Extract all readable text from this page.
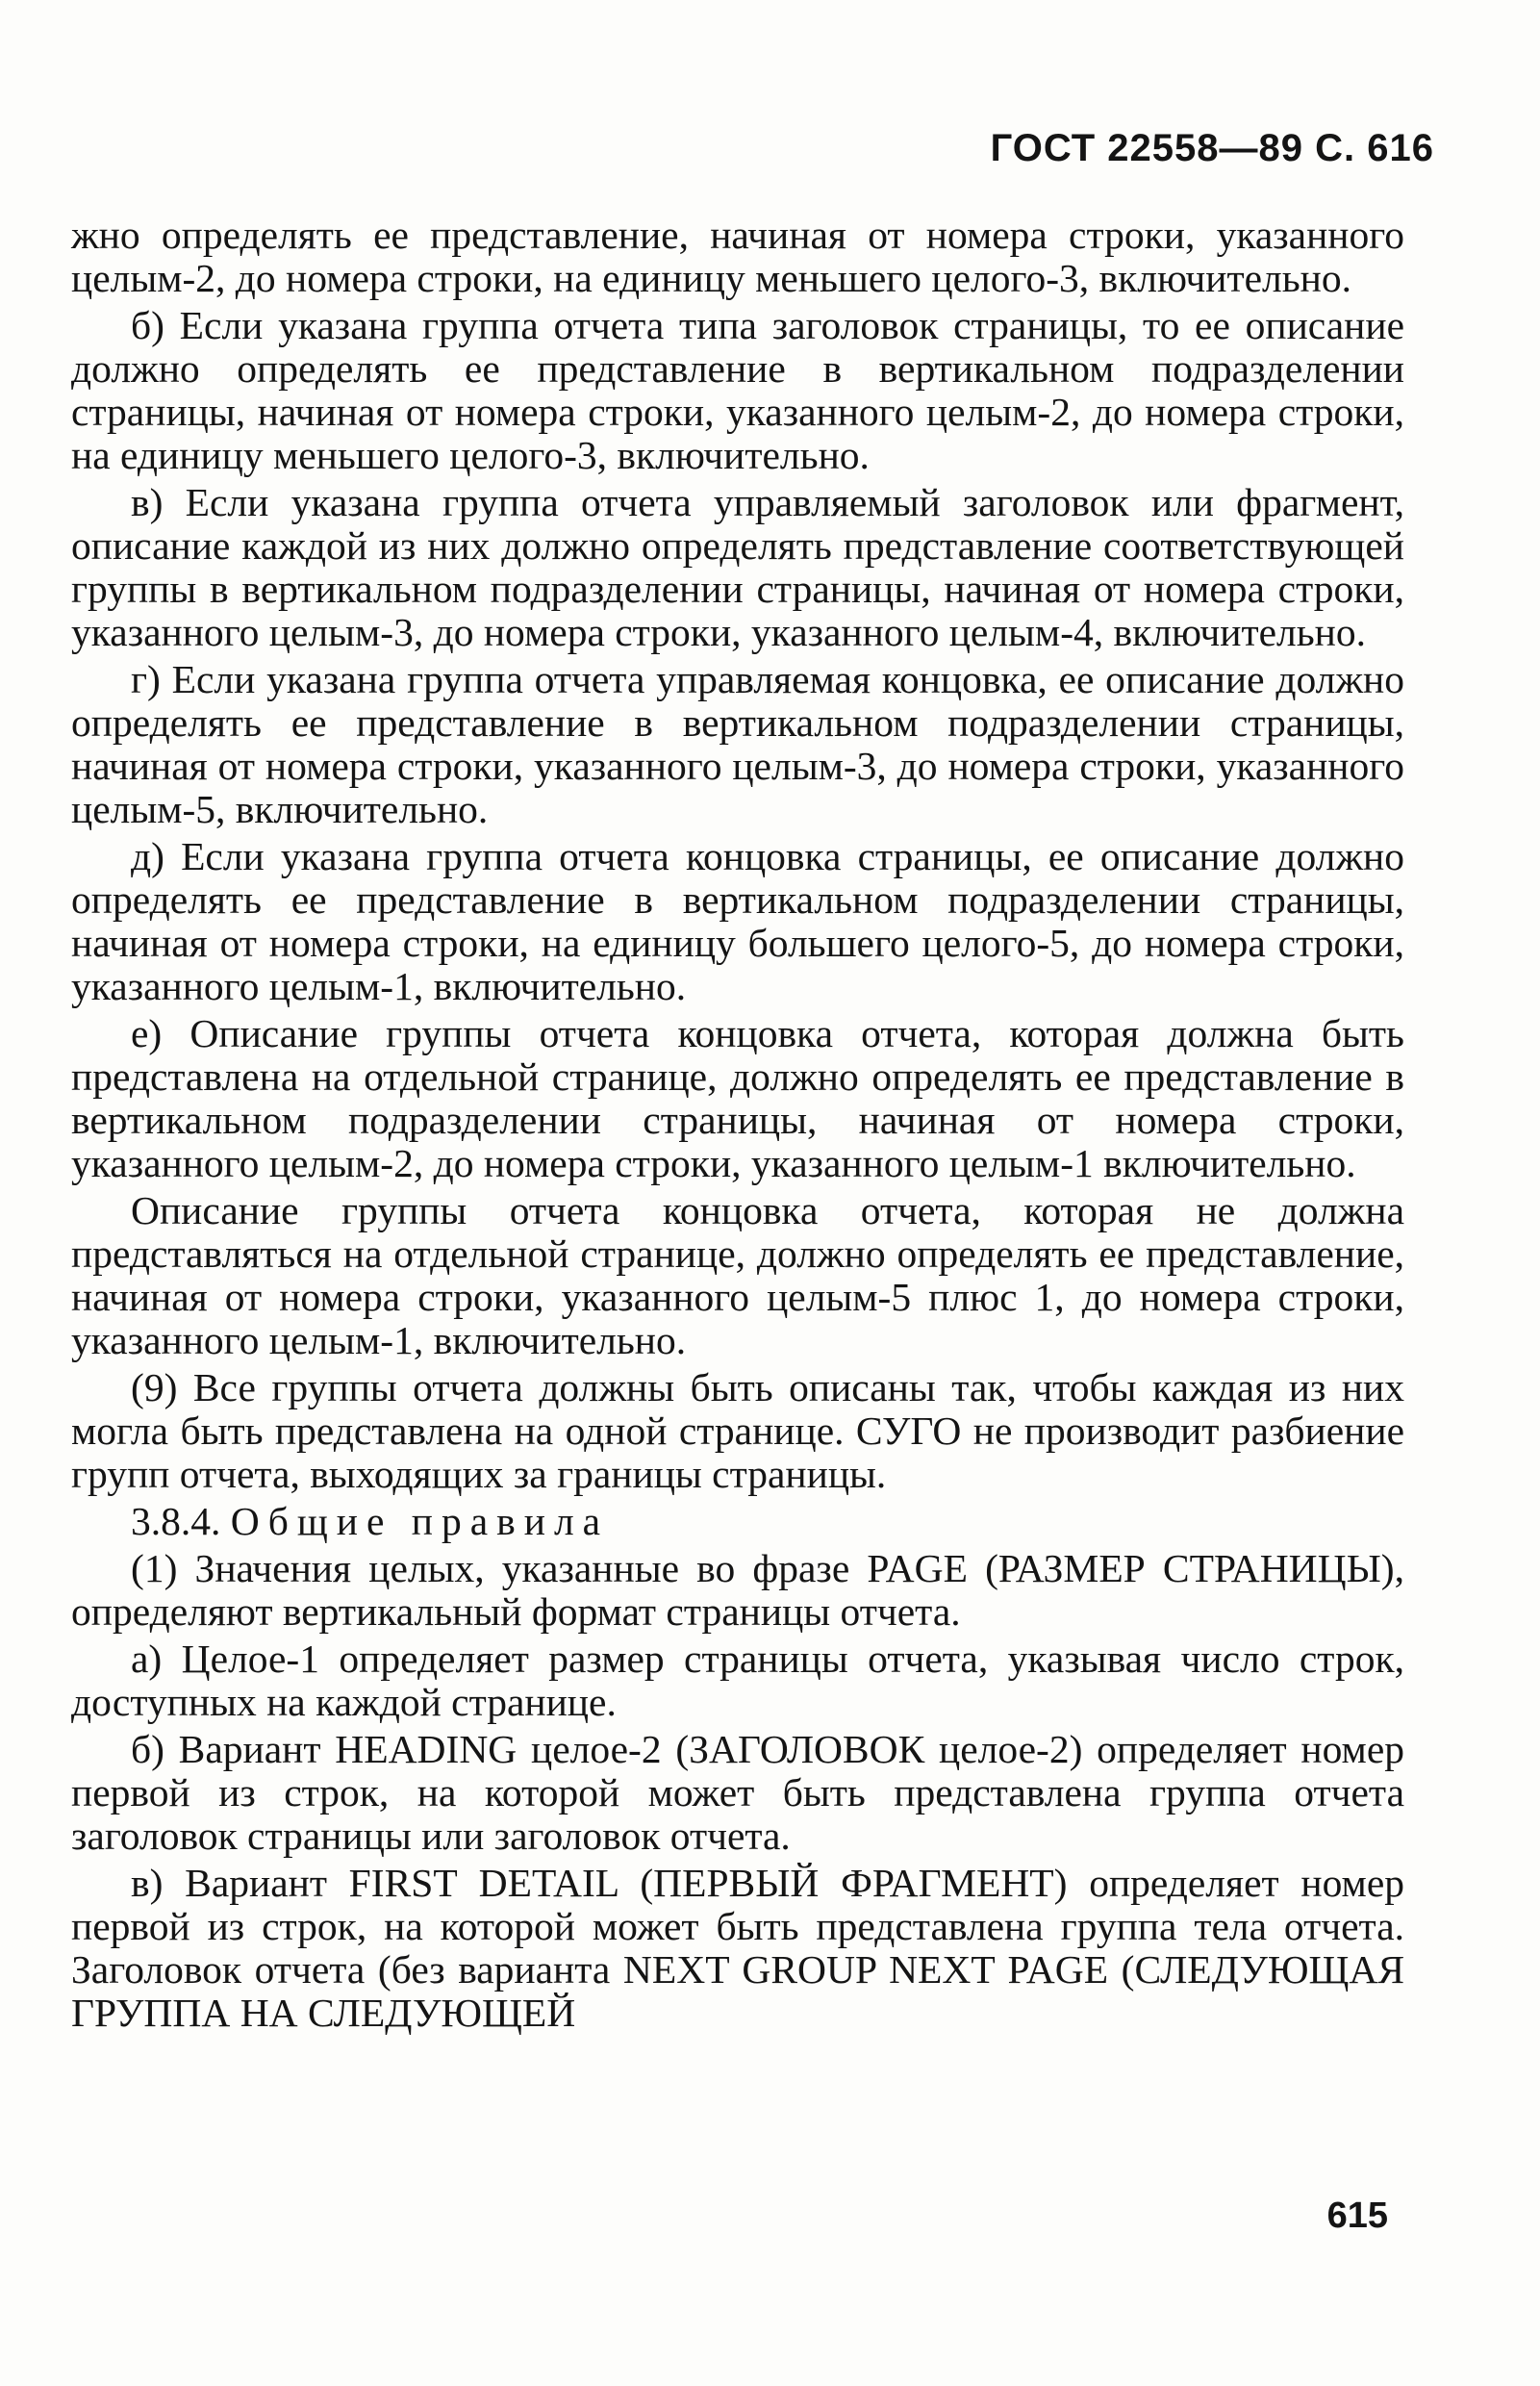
ГОСТ 22558—89 С. 616

жно определять ее представление, начиная от номера строки, указанного целым-2, до номера строки, на единицу меньшего целого-3, включительно.

б) Если указана группа отчета типа заголовок страницы, то ее описание должно определять ее представление в вертикальном подразделении страницы, начиная от номера строки, указанного целым-2, до номера строки, на единицу меньшего целого-3, включительно.

в) Если указана группа отчета управляемый заголовок или фрагмент, описание каждой из них должно определять представление соответствующей группы в вертикальном подразделении страницы, начиная от номера строки, указанного целым-3, до номера строки, указанного целым-4, включительно.

г) Если указана группа отчета управляемая концовка, ее описание должно определять ее представление в вертикальном подразделении страницы, начиная от номера строки, указанного целым-3, до номера строки, указанного целым-5, включительно.

д) Если указана группа отчета концовка страницы, ее описание должно определять ее представление в вертикальном подразделении страницы, начиная от номера строки, на единицу большего целого-5, до номера строки, указанного целым-1, включительно.

е) Описание группы отчета концовка отчета, которая должна быть представлена на отдельной странице, должно определять ее представление в вертикальном подразделении страницы, начиная от номера строки, указанного целым-2, до номера строки, указанного целым-1 включительно.

Описание группы отчета концовка отчета, которая не должна представляться на отдельной странице, должно определять ее представление, начиная от номера строки, указанного целым-5 плюс 1, до номера строки, указанного целым-1, включительно.

(9) Все группы отчета должны быть описаны так, чтобы каждая из них могла быть представлена на одной странице. СУГО не производит разбиение групп отчета, выходящих за границы страницы.

3.8.4. Общие правила

(1) Значения целых, указанные во фразе PAGE (РАЗМЕР СТРАНИЦЫ), определяют вертикальный формат страницы отчета.

а) Целое-1 определяет размер страницы отчета, указывая число строк, доступных на каждой странице.

б) Вариант HEADING целое-2 (ЗАГОЛОВОК целое-2) определяет номер первой из строк, на которой может быть представлена группа отчета заголовок страницы или заголовок отчета.

в) Вариант FIRST DETAIL (ПЕРВЫЙ ФРАГМЕНТ) определяет номер первой из строк, на которой может быть представлена группа тела отчета. Заголовок отчета (без варианта NEXT GROUP NEXT PAGE (СЛЕДУЮЩАЯ ГРУППА НА СЛЕДУЮЩЕЙ

615
